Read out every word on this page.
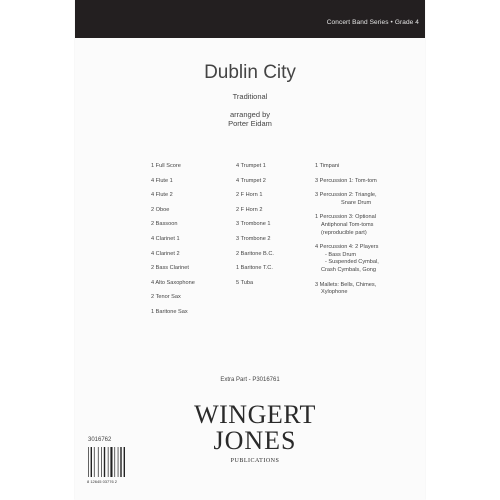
Concert Band Series • Grade 4
Dublin City
Traditional
arranged by
Porter Eidam
1 Full Score
4 Flute 1
4 Flute 2
2 Oboe
2 Bassoon
4 Clarinet 1
4 Clarinet 2
2 Bass Clarinet
4 Alto Saxophone
2 Tenor Sax
1 Baritone Sax
4 Trumpet 1
4 Trumpet 2
2 F Horn 1
2 F Horn 2
3 Trombone 1
3 Trombone 2
2 Baritone B.C.
1 Baritone T.C.
5 Tuba
1 Timpani
3 Percussion 1: Tom-tom
3 Percussion 2: Triangle,
Snare Drum
1 Percussion 3: Optional
Antiphonal Tom-toms
(reproducible part)
4 Percussion 4: 2 Players
- Bass Drum
- Suspended Cymbal,
Crash Cymbals, Gong
3 Mallets: Bells, Chimes,
Xylophone
Extra Part - P3016761
WINGERT
JONES
PUBLICATIONS
3016762
8 12645 03776 2
